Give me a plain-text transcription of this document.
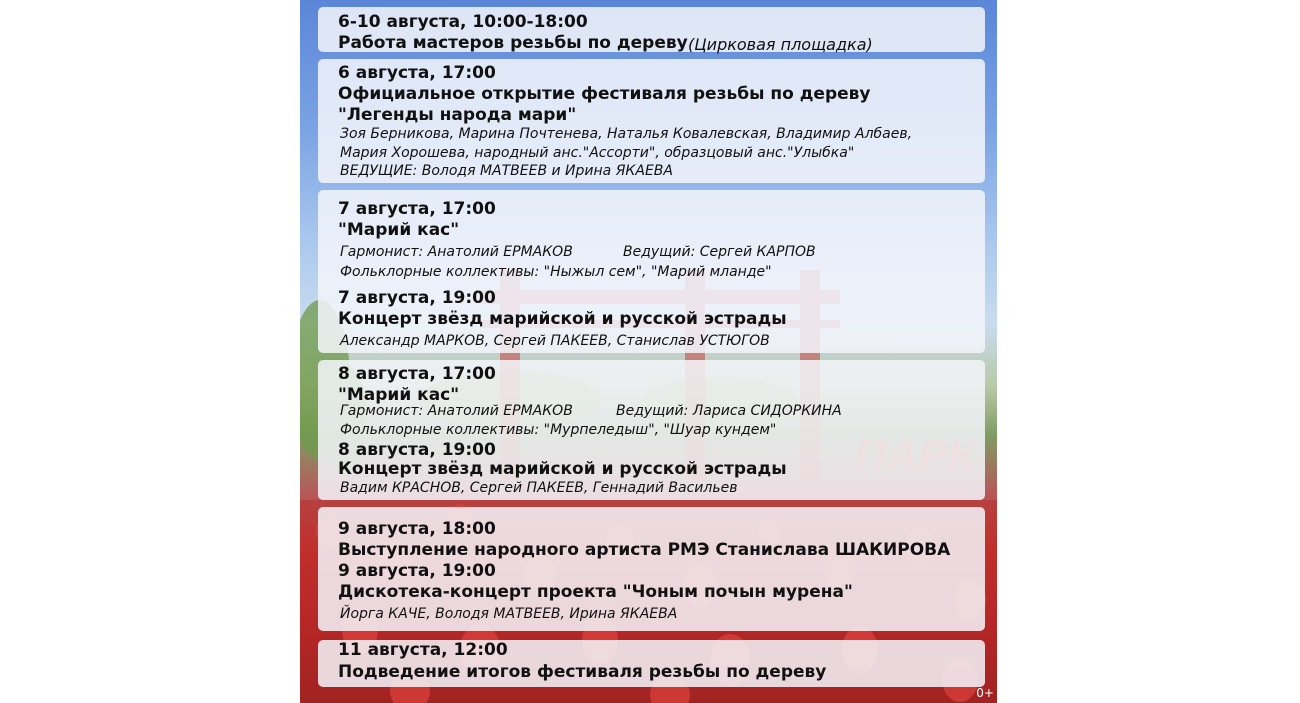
6-10 августа, 10:00-18:00
Работа мастеров резьбы по дереву (Цирковая площадка)
6 августа, 17:00
Официальное открытие фестиваля резьбы по дереву
"Легенды народа мари"
Зоя Берникова, Марина Почтенева, Наталья Ковалевская, Владимир Албаев,
Мария Хорошева, народный анс."Ассорти", образцовый анс."Улыбка"
ВЕДУЩИЕ: Володя МАТВЕЕВ и Ирина ЯКАЕВА
7 августа, 17:00
"Марий кас"
Гармонист: Анатолий ЕРМАКОВ	Ведущий: Сергей КАРПОВ
Фольклорные коллективы: "Ныжыл сем", "Марий мланде"
7 августа, 19:00
Концерт звёзд марийской и русской эстрады
Александр МАРКОВ, Сергей ПАКЕЕВ, Станислав УСТЮГОВ
8 августа, 17:00
"Марий кас"
Гармонист: Анатолий ЕРМАКОВ	Ведущий: Лариса СИДОРКИНА
Фольклорные коллективы: "Мурпеледыш", "Шуар кундем"
8 августа, 19:00
Концерт звёзд марийской и русской эстрады
Вадим КРАСНОВ, Сергей ПАКЕЕВ, Геннадий Васильев
9 августа, 18:00
Выступление народного артиста РМЭ Станислава ШАКИРОВА
9 августа, 19:00
Дискотека-концерт проекта "Чоным почын мурена"
Йорга КАЧЕ, Володя МАТВЕЕВ, Ирина ЯКАЕВА
11 августа, 12:00
Подведение итогов фестиваля резьбы по дереву
0+
